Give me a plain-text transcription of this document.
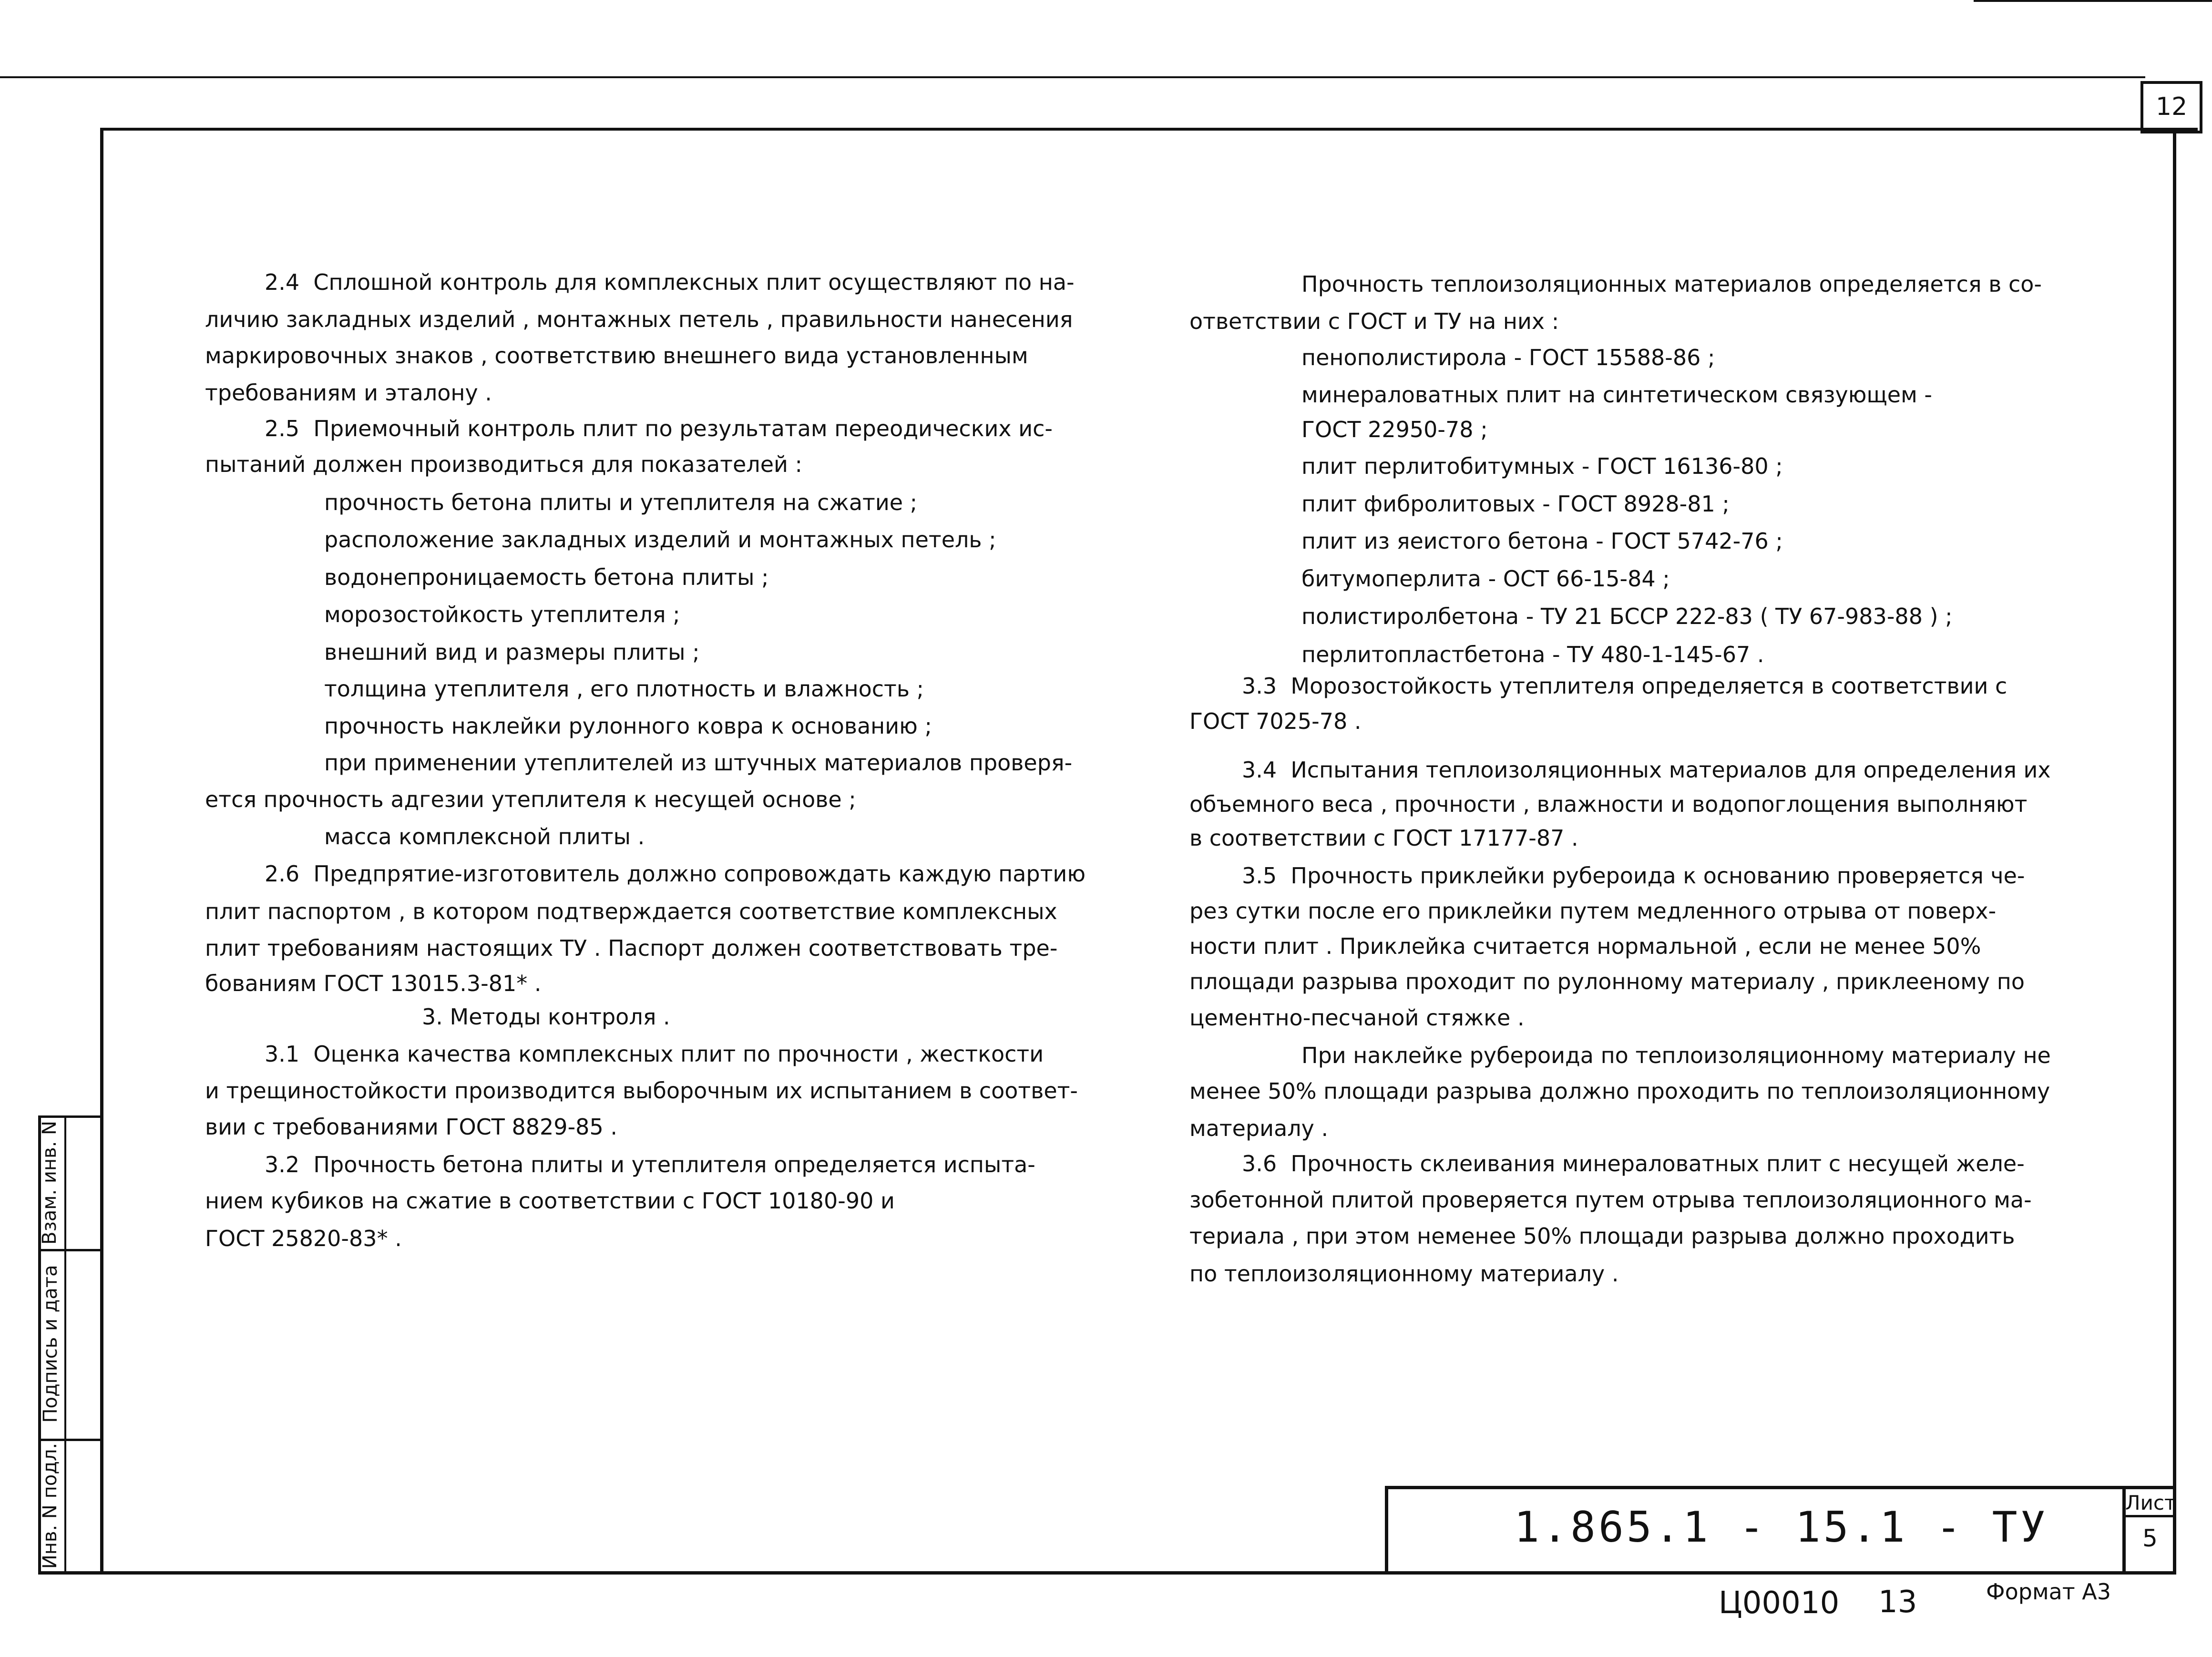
12
Взам. инв. N
Подпись и дата
Инв. N подл.
2.4  Сплошной контроль для комплексных плит осуществляют по на-
личию закладных изделий , монтажных петель , правильности нанесения
маркировочных знаков , соответствию внешнего вида установленным
требованиям и эталону .
2.5  Приемочный контроль плит по результатам переодических ис-
пытаний должен производиться для показателей :
прочность бетона плиты и утеплителя на сжатие ;
расположение закладных изделий и монтажных петель ;
водонепроницаемость бетона плиты ;
морозостойкость утеплителя ;
внешний вид и размеры плиты ;
толщина утеплителя , его плотность и влажность ;
прочность наклейки рулонного ковра к основанию ;
при применении утеплителей из штучных материалов проверя-
ется прочность адгезии утеплителя к несущей основе ;
масса комплексной плиты .
2.6  Предпрятие-изготовитель должно сопровождать каждую партию
плит паспортом , в котором подтверждается соответствие комплексных
плит требованиям настоящих ТУ . Паспорт должен соответствовать тре-
бованиям ГОСТ 13015.3-81* .
3. Методы контроля .
3.1  Оценка качества комплексных плит по прочности , жесткости
и трещиностойкости производится выборочным их испытанием в соответ-
вии с требованиями ГОСТ 8829-85 .
3.2  Прочность бетона плиты и утеплителя определяется испыта-
нием кубиков на сжатие в соответствии с ГОСТ 10180-90 и
ГОСТ 25820-83* .
Прочность теплоизоляционных материалов определяется в со-
ответствии с ГОСТ и ТУ на них :
пенополистирола - ГОСТ 15588-86 ;
минераловатных плит на синтетическом связующем -
ГОСТ 22950-78 ;
плит перлитобитумных - ГОСТ 16136-80 ;
плит фибролитовых - ГОСТ 8928-81 ;
плит из яеистого бетона - ГОСТ 5742-76 ;
битумоперлита - ОСТ 66-15-84 ;
полистиролбетона - ТУ 21 БССР 222-83 ( ТУ 67-983-88 ) ;
перлитопластбетона - ТУ 480-1-145-67 .
3.3  Морозостойкость утеплителя определяется в соответствии с
ГОСТ 7025-78 .
3.4  Испытания теплоизоляционных материалов для определения их
объемного веса , прочности , влажности и водопоглощения выполняют
в соответствии с ГОСТ 17177-87 .
3.5  Прочность приклейки рубероида к основанию проверяется че-
рез сутки после его приклейки путем медленного отрыва от поверх-
ности плит . Приклейка считается нормальной , если не менее 50%
площади разрыва проходит по рулонному материалу , приклееному по
цементно-песчаной стяжке .
При наклейке рубероида по теплоизоляционному материалу не
менее 50% площади разрыва должно проходить по теплоизоляционному
материалу .
3.6  Прочность склеивания минераловатных плит с несущей желе-
зобетонной плитой проверяется путем отрыва теплоизоляционного ма-
териала , при этом неменее 50% площади разрыва должно проходить
по теплоизоляционному материалу .
1.865.1 - 15.1 - ТУ	Лист
5
Ц00010 13	Формат А3
